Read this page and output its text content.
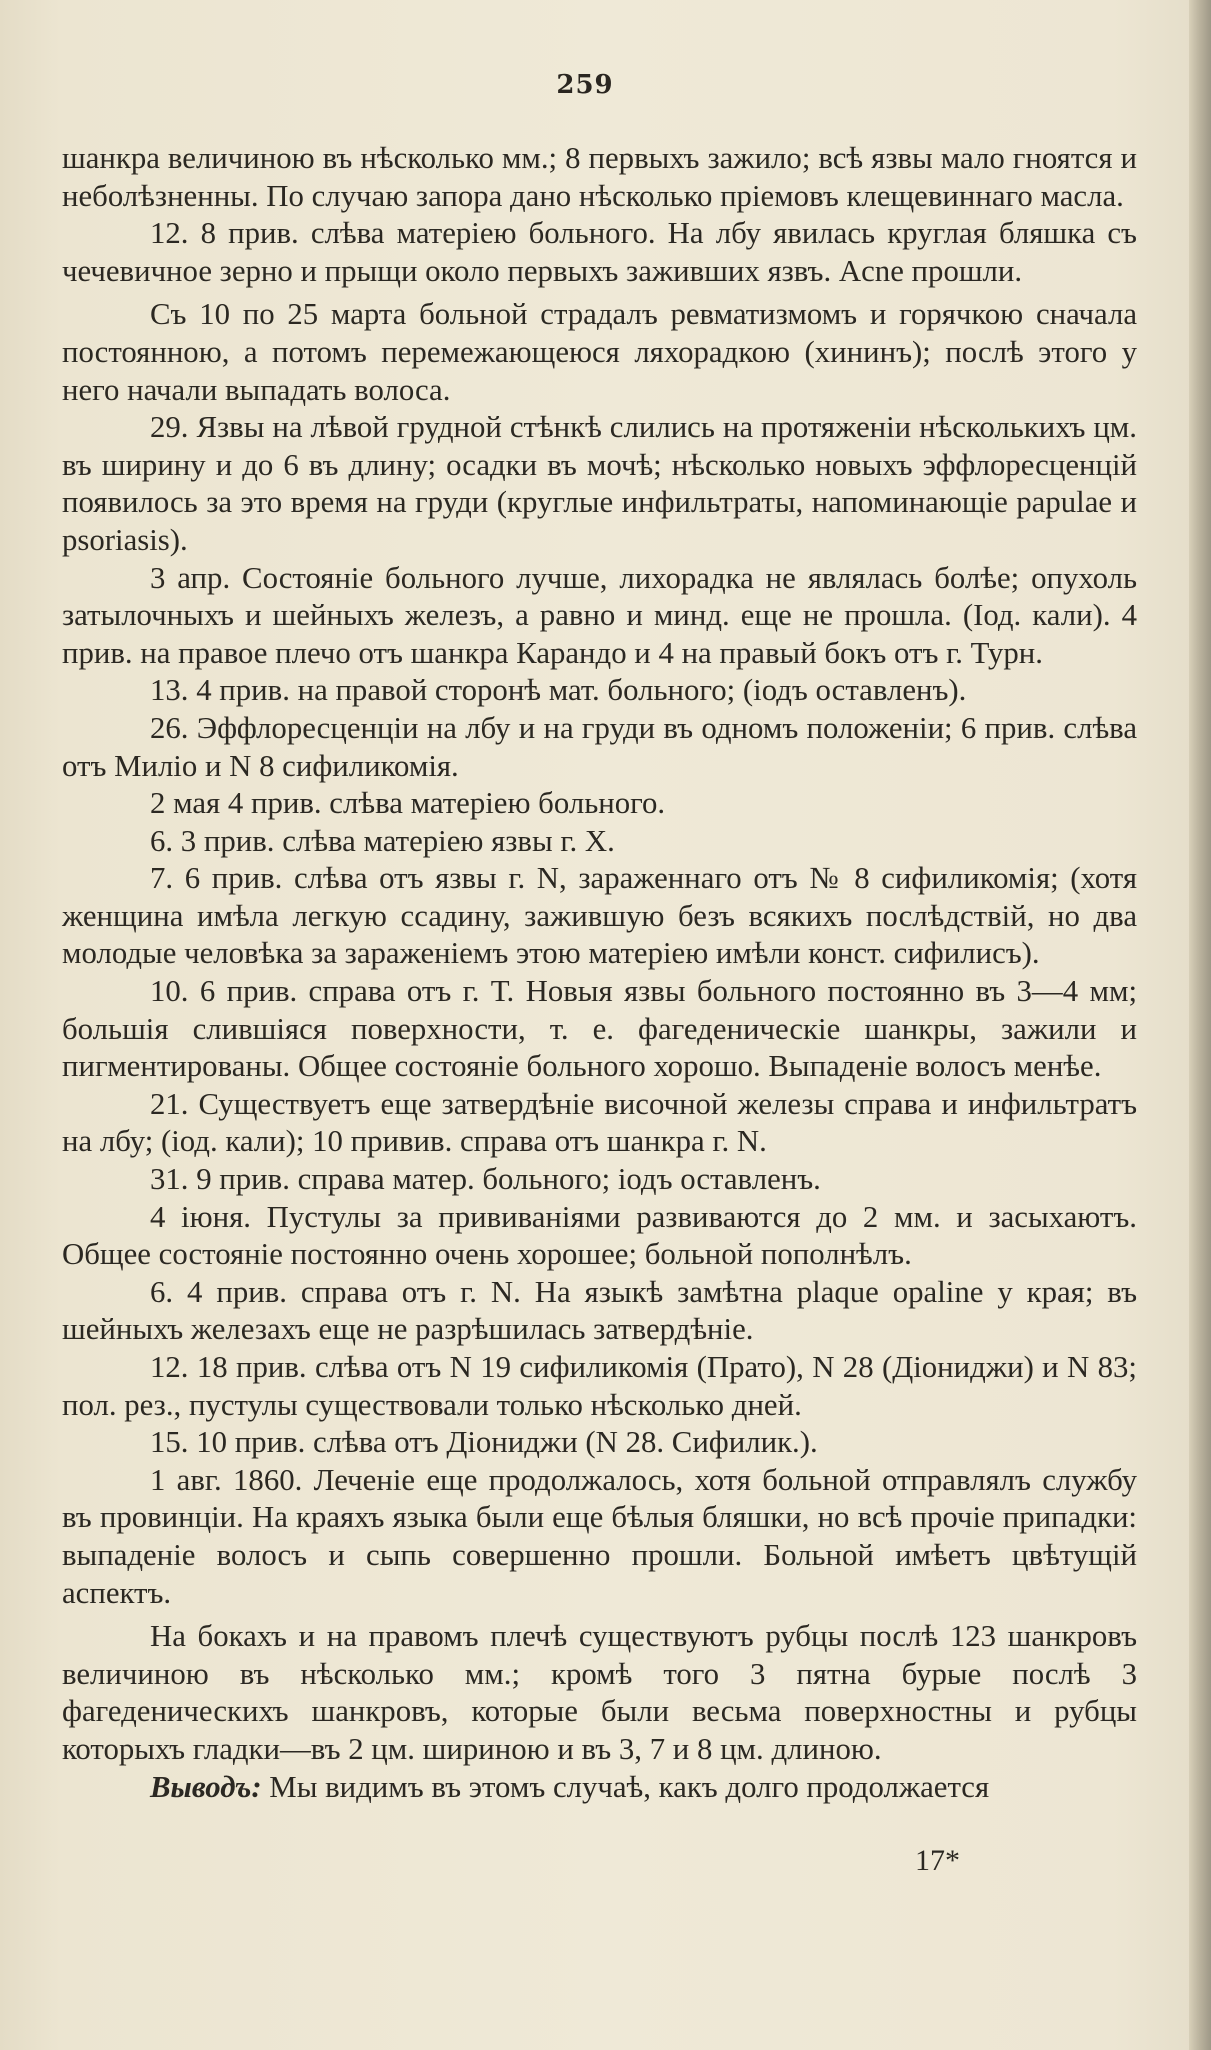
259

шанкра величиною въ нѣсколько мм.; 8 первыхъ зажило; всѣ язвы мало гноятся и неболѣзненны. По случаю запора дано нѣсколько пріемовъ клещевиннаго масла.

12. 8 прив. слѣва матеріею больного. На лбу явилась круглая бляшка съ чечевичное зерно и прыщи около первыхъ заживших язвъ. Acne прошли.

Съ 10 по 25 марта больной страдалъ ревматизмомъ и горячкою сначала постоянною, а потомъ перемежающеюся ляхорадкою (хининъ); послѣ этого у него начали выпадать волоса.

29. Язвы на лѣвой грудной стѣнкѣ слились на протяженіи нѣсколькихъ цм. въ ширину и до 6 въ длину; осадки въ мочѣ; нѣсколько новыхъ эффлоресценцій появилось за это время на груди (круглые инфильтраты, напоминающіе papulae и psoriasis).

3 апр. Состояніе больного лучше, лихорадка не являлась болѣе; опухоль затылочныхъ и шейныхъ железъ, а равно и минд. еще не прошла. (Іод. кали). 4 прив. на правое плечо отъ шанкра Карандо и 4 на правый бокъ отъ г. Турн.

13. 4 прив. на правой сторонѣ мат. больного; (іодъ оставленъ).

26. Эффлоресценціи на лбу и на груди въ одномъ положеніи; 6 прив. слѣва отъ Миліо и N 8 сифиликомія.

2 мая 4 прив. слѣва матеріею больного.

6. 3 прив. слѣва матеріею язвы г. X.

7. 6 прив. слѣва отъ язвы г. N, зараженнаго отъ № 8 сифиликомія; (хотя женщина имѣла легкую ссадину, зажившую безъ всякихъ послѣдствій, но два молодые человѣка за зараженіемъ этою матеріею имѣли конст. сифилисъ).

10. 6 прив. справа отъ г. Т. Новыя язвы больного постоянно въ 3—4 мм; большія слившіяся поверхности, т. е. фагеденическіе шанкры, зажили и пигментированы. Общее состояніе больного хорошо. Выпаденіе волосъ менѣе.

21. Существуетъ еще затвердѣніе височной железы справа и инфильтратъ на лбу; (іод. кали); 10 привив. справа отъ шанкра г. N.

31. 9 прив. справа матер. больного; іодъ оставленъ.

4 іюня. Пустулы за прививаніями развиваются до 2 мм. и засыхаютъ. Общее состояніе постоянно очень хорошее; больной пополнѣлъ.

6. 4 прив. справа отъ г. N. На языкѣ замѣтна plaque opaline у края; въ шейныхъ железахъ еще не разрѣшилась затвердѣніе.

12. 18 прив. слѣва отъ N 19 сифиликомія (Прато), N 28 (Діониджи) и N 83; пол. рез., пустулы существовали только нѣсколько дней.

15. 10 прив. слѣва отъ Діониджи (N 28. Сифилик.).

1 авг. 1860. Леченіе еще продолжалось, хотя больной отправлялъ службу въ провинціи. На краяхъ языка были еще бѣлыя бляшки, но всѣ прочіе припадки: выпаденіе волосъ и сыпь совершенно прошли. Больной имѣетъ цвѣтущій аспектъ.

На бокахъ и на правомъ плечѣ существуютъ рубцы послѣ 123 шанкровъ величиною въ нѣсколько мм.; кромѣ того 3 пятна бурые послѣ 3 фагеденическихъ шанкровъ, которые были весьма поверхностны и рубцы которыхъ гладки—въ 2 цм. шириною и въ 3, 7 и 8 цм. длиною.

Выводъ: Мы видимъ въ этомъ случаѣ, какъ долго продолжается

17*
